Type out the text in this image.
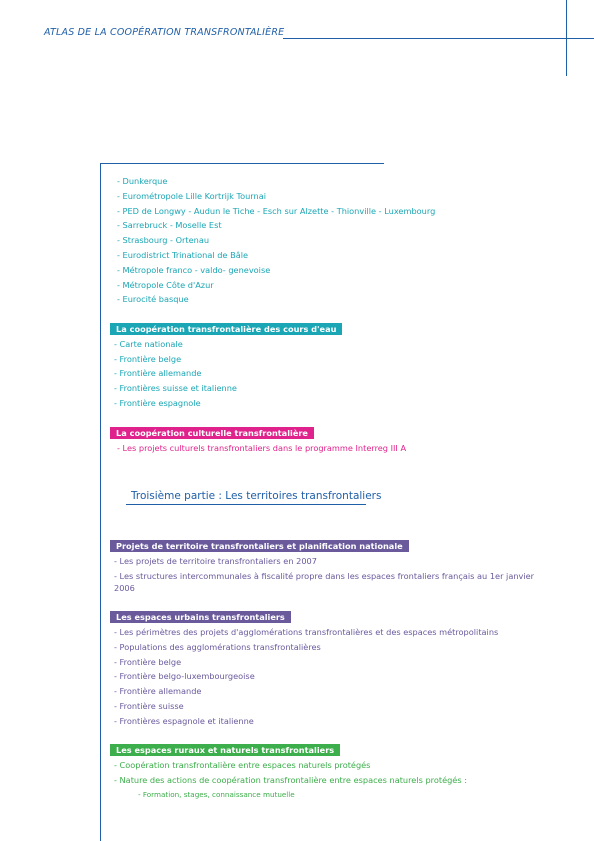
ATLAS DE LA COOPÉRATION TRANSFRONTALIÈRE
- Dunkerque
- Eurométropole Lille Kortrijk Tournai
- PED de Longwy - Audun le Tiche - Esch sur Alzette - Thionville - Luxembourg
- Sarrebruck - Moselle Est
- Strasbourg - Ortenau
- Eurodistrict Trinational de Bâle
- Métropole franco - valdo- genevoise
- Métropole Côte d'Azur
- Eurocité basque
La coopération transfrontalière des cours d'eau
- Carte nationale
- Frontière belge
- Frontière allemande
- Frontières suisse et italienne
- Frontière espagnole
La coopération culturelle transfrontalière
- Les projets culturels transfrontaliers dans le programme Interreg III A
Troisième partie : Les territoires transfrontaliers
Projets de territoire transfrontaliers et planification nationale
- Les projets de territoire transfrontaliers en 2007
- Les structures intercommunales à fiscalité propre dans les espaces frontaliers français au 1er janvier
2006
Les espaces urbains transfrontaliers
- Les périmètres des projets d'agglomérations transfrontalières et des espaces métropolitains
- Populations des agglomérations transfrontalières
- Frontière belge
- Frontière belgo-luxembourgeoise
- Frontière allemande
- Frontière suisse
- Frontières espagnole et italienne
Les espaces ruraux et naturels transfrontaliers
- Coopération transfrontalière entre espaces naturels protégés
- Nature des actions de coopération transfrontalière entre espaces naturels protégés :
- Formation, stages, connaissance mutuelle
